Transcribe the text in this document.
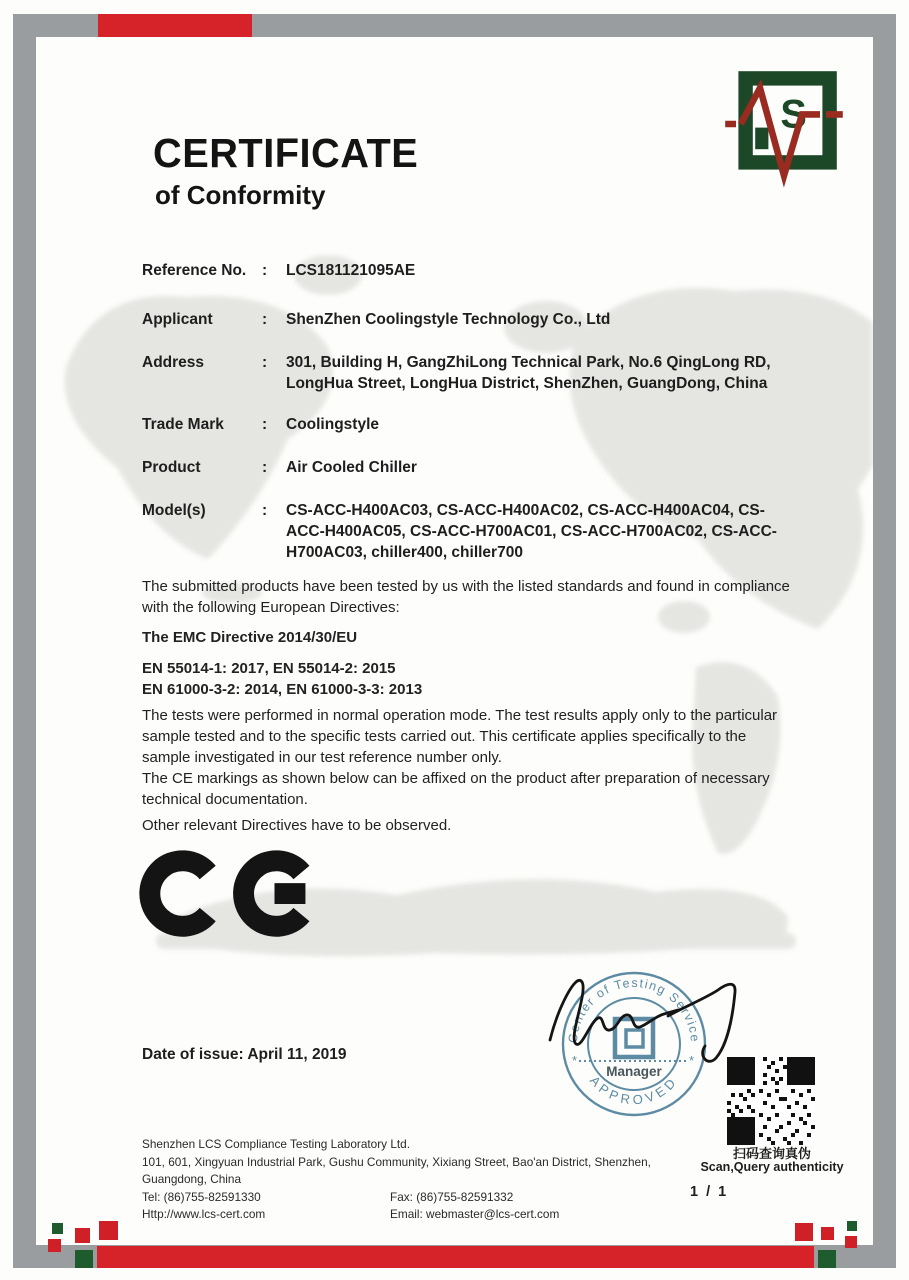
S
CERTIFICATE
of Conformity
Reference No.	:	LCS181121095AE
Applicant	:	ShenZhen Coolingstyle Technology Co., Ltd
Address	:	301, Building H, GangZhiLong Technical Park, No.6 QingLong RD, LongHua Street, LongHua District, ShenZhen, GuangDong, China
Trade Mark	:	Coolingstyle
Product	:	Air Cooled Chiller
Model(s)	:	CS-ACC-H400AC03, CS-ACC-H400AC02, CS-ACC-H400AC04, CS-ACC-H400AC05, CS-ACC-H700AC01, CS-ACC-H700AC02, CS-ACC-H700AC03, chiller400, chiller700
The submitted products have been tested by us with the listed standards and found in compliance with the following European Directives:
The EMC Directive 2014/30/EU
EN 55014-1: 2017, EN 55014-2: 2015
EN 61000-3-2: 2014, EN 61000-3-3: 2013
The tests were performed in normal operation mode. The test results apply only to the particular sample tested and to the specific tests carried out. This certificate applies specifically to the sample investigated in our test reference number only.
The CE markings as shown below can be affixed on the product after preparation of necessary technical documentation.
Other relevant Directives have to be observed.
Date of issue: April 11, 2019
Center of Testing Service
APPROVED
*	*
Manager
扫码查询真伪
Scan,Query authenticity
Shenzhen LCS Compliance Testing Laboratory Ltd.
101, 601, Xingyuan Industrial Park, Gushu Community, Xixiang Street, Bao'an District, Shenzhen,
Guangdong, China
Tel: (86)755-82591330	Fax: (86)755-82591332
Http://www.lcs-cert.com	Email: webmaster@lcs-cert.com
1 / 1
